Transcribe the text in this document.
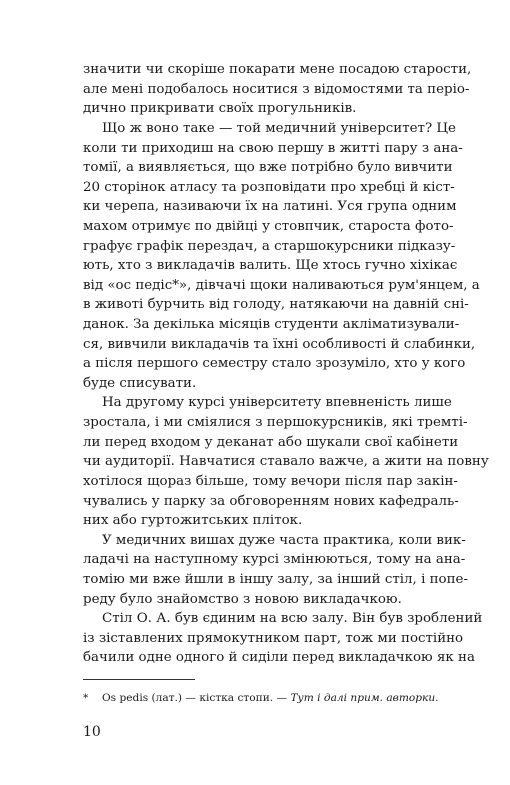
значити чи скоріше покарати мене посадою старости,
але мені подобалось носитися з відомостями та періо-
дично прикривати своїх прогульників.
Що ж воно таке — той медичний університет? Це
коли ти приходиш на свою першу в житті пару з ана-
томії, а виявляється, що вже потрібно було вивчити
20 сторінок атласу та розповідати про хребці й кіст-
ки черепа, називаючи їх на латині. Уся група одним
махом отримує по двійці у стовпчик, староста фото-
графує графік перездач, а старшокурсники підказу-
ють, хто з викладачів валить. Ще хтось гучно хіхікає
від «ос педіс*», дівчачі щоки наливаються рум'янцем, а
в животі бурчить від голоду, натякаючи на давній сні-
данок. За декілька місяців студенти акліматизували-
ся, вивчили викладачів та їхні особливості й слабинки,
а після першого семестру стало зрозуміло, хто у кого
буде списувати.
На другому курсі університету впевненість лише
зростала, і ми сміялися з першокурсників, які тремті-
ли перед входом у деканат або шукали свої кабінети
чи аудиторії. Навчатися ставало важче, а жити на повну
хотілося щораз більше, тому вечори після пар закін-
чувались у парку за обговоренням нових кафедраль-
них або гуртожитських пліток.
У медичних вишах дуже часта практика, коли вик-
ладачі на наступному курсі змінюються, тому на ана-
томію ми вже йшли в іншу залу, за інший стіл, і попе-
реду було знайомство з новою викладачкою.
Стіл О. А. був єдиним на всю залу. Він був зроблений
із зіставлених прямокутником парт, тож ми постійно
бачили одне одного й сиділи перед викладачкою як на
* Os pedis (лат.) — кісткa стопи. — Тут і далі прим. авторки.
10
